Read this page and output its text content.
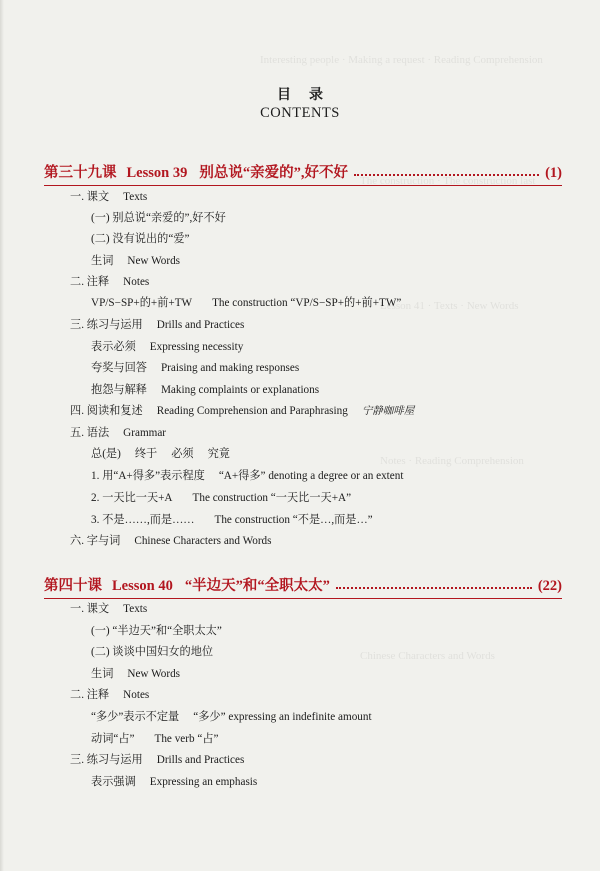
Interesting people · Making a request · Reading Comprehension
The construction · The construction last
Lesson 41 · Texts · New Words
Notes · Reading Comprehension
Chinese Characters and Words
目录
CONTENTS
第三十九课 Lesson 39 别总说“亲爱的”,好不好	(1)
一. 课文 Texts
(一) 别总说“亲爱的”,好不好
(二) 没有说出的“爱”
生词 New Words
二. 注释 Notes
VP/S−SP+的+前+TW The construction “VP/S−SP+的+前+TW”
三. 练习与运用 Drills and Practices
表示必须 Expressing necessity
夸奖与回答 Praising and making responses
抱怨与解释 Making complaints or explanations
四. 阅读和复述 Reading Comprehension and Paraphrasing 宁静咖啡屋
五. 语法 Grammar
总(是) 终于 必须 究竟
1. 用“A+得多”表示程度 “A+得多” denoting a degree or an extent
2. 一天比一天+A The construction “一天比一天+A”
3. 不是……,而是…… The construction “不是…,而是…”
六. 字与词 Chinese Characters and Words
第四十课 Lesson 40 “半边天”和“全职太太”	(22)
一. 课文 Texts
(一) “半边天”和“全职太太”
(二) 谈谈中国妇女的地位
生词 New Words
二. 注释 Notes
“多少”表示不定量 “多少” expressing an indefinite amount
动词“占” The verb “占”
三. 练习与运用 Drills and Practices
表示强调 Expressing an emphasis
